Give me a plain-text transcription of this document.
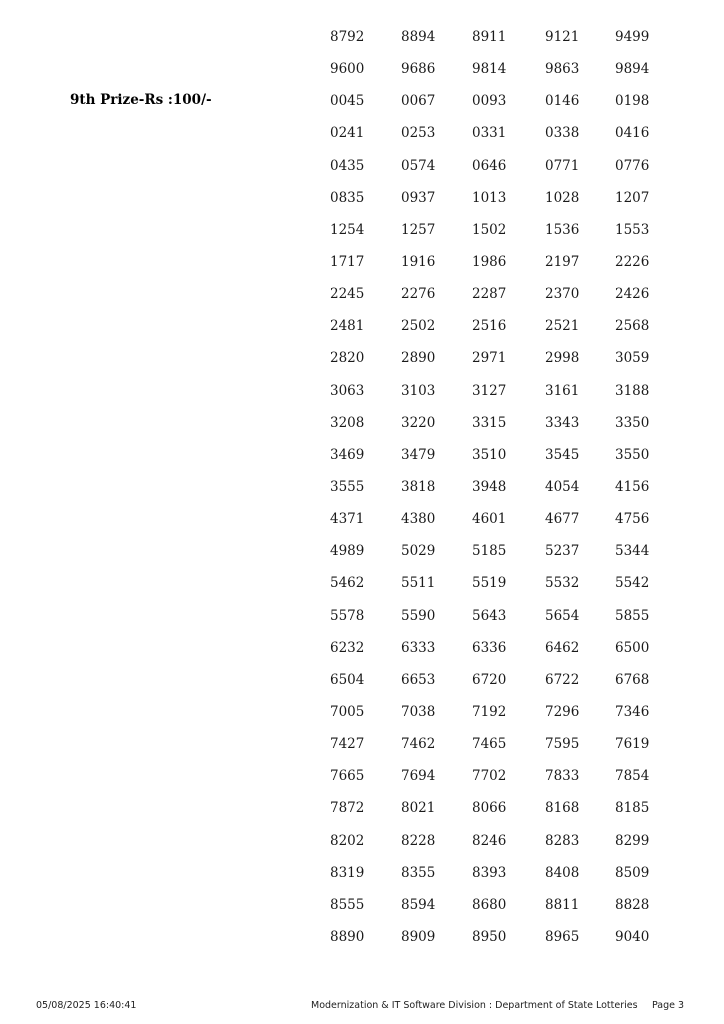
9th Prize-Rs :100/-
8792	8894	8911	9121	9499
9600	9686	9814	9863	9894
0045	0067	0093	0146	0198
0241	0253	0331	0338	0416
0435	0574	0646	0771	0776
0835	0937	1013	1028	1207
1254	1257	1502	1536	1553
1717	1916	1986	2197	2226
2245	2276	2287	2370	2426
2481	2502	2516	2521	2568
2820	2890	2971	2998	3059
3063	3103	3127	3161	3188
3208	3220	3315	3343	3350
3469	3479	3510	3545	3550
3555	3818	3948	4054	4156
4371	4380	4601	4677	4756
4989	5029	5185	5237	5344
5462	5511	5519	5532	5542
5578	5590	5643	5654	5855
6232	6333	6336	6462	6500
6504	6653	6720	6722	6768
7005	7038	7192	7296	7346
7427	7462	7465	7595	7619
7665	7694	7702	7833	7854
7872	8021	8066	8168	8185
8202	8228	8246	8283	8299
8319	8355	8393	8408	8509
8555	8594	8680	8811	8828
8890	8909	8950	8965	9040
05/08/2025 16:40:41	Modernization & IT Software Division : Department of State Lotteries Page 3
